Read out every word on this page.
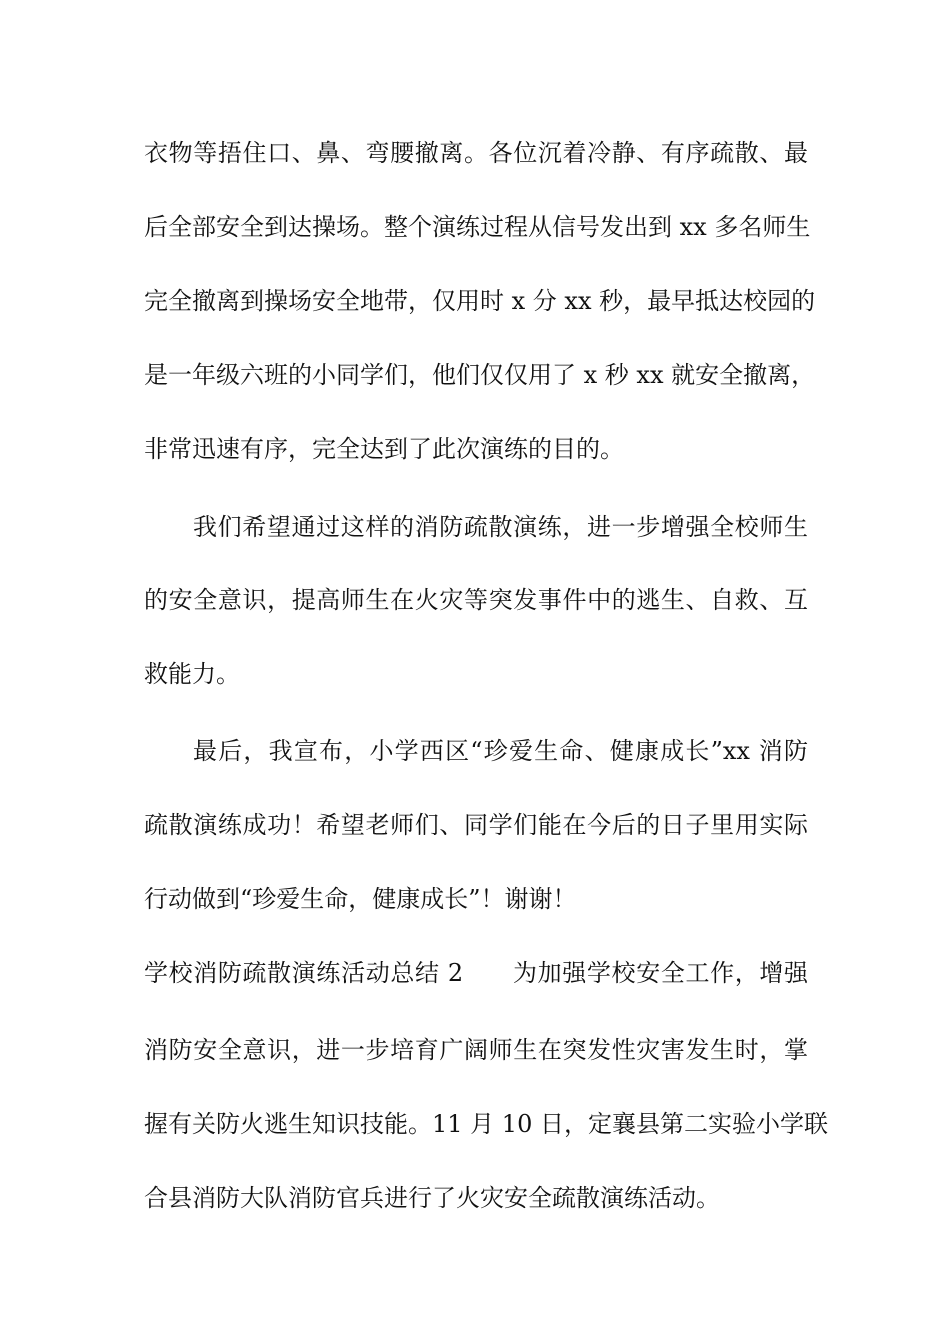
衣物等捂住口、鼻、弯腰撤离。各位沉着冷静、有序疏散、最
后全部安全到达操场。整个演练过程从信号发出到 xx 多名师生
完全撤离到操场安全地带，仅用时 x 分 xx 秒，最早抵达校园的
是一年级六班的小同学们，他们仅仅用了 x 秒 xx 就安全撤离，
非常迅速有序，完全达到了此次演练的目的。
我们希望通过这样的消防疏散演练，进一步增强全校师生
的安全意识，提高师生在火灾等突发事件中的逃生、自救、互
救能力。
最后，我宣布，小学西区“珍爱生命、健康成长”xx 消防
疏散演练成功！希望老师们、同学们能在今后的日子里用实际
行动做到“珍爱生命，健康成长”！谢谢！
学校消防疏散演练活动总结 2　　为加强学校安全工作，增强
消防安全意识，进一步培育广阔师生在突发性灾害发生时，掌
握有关防火逃生知识技能。11 月 10 日，定襄县第二实验小学联
合县消防大队消防官兵进行了火灾安全疏散演练活动。
